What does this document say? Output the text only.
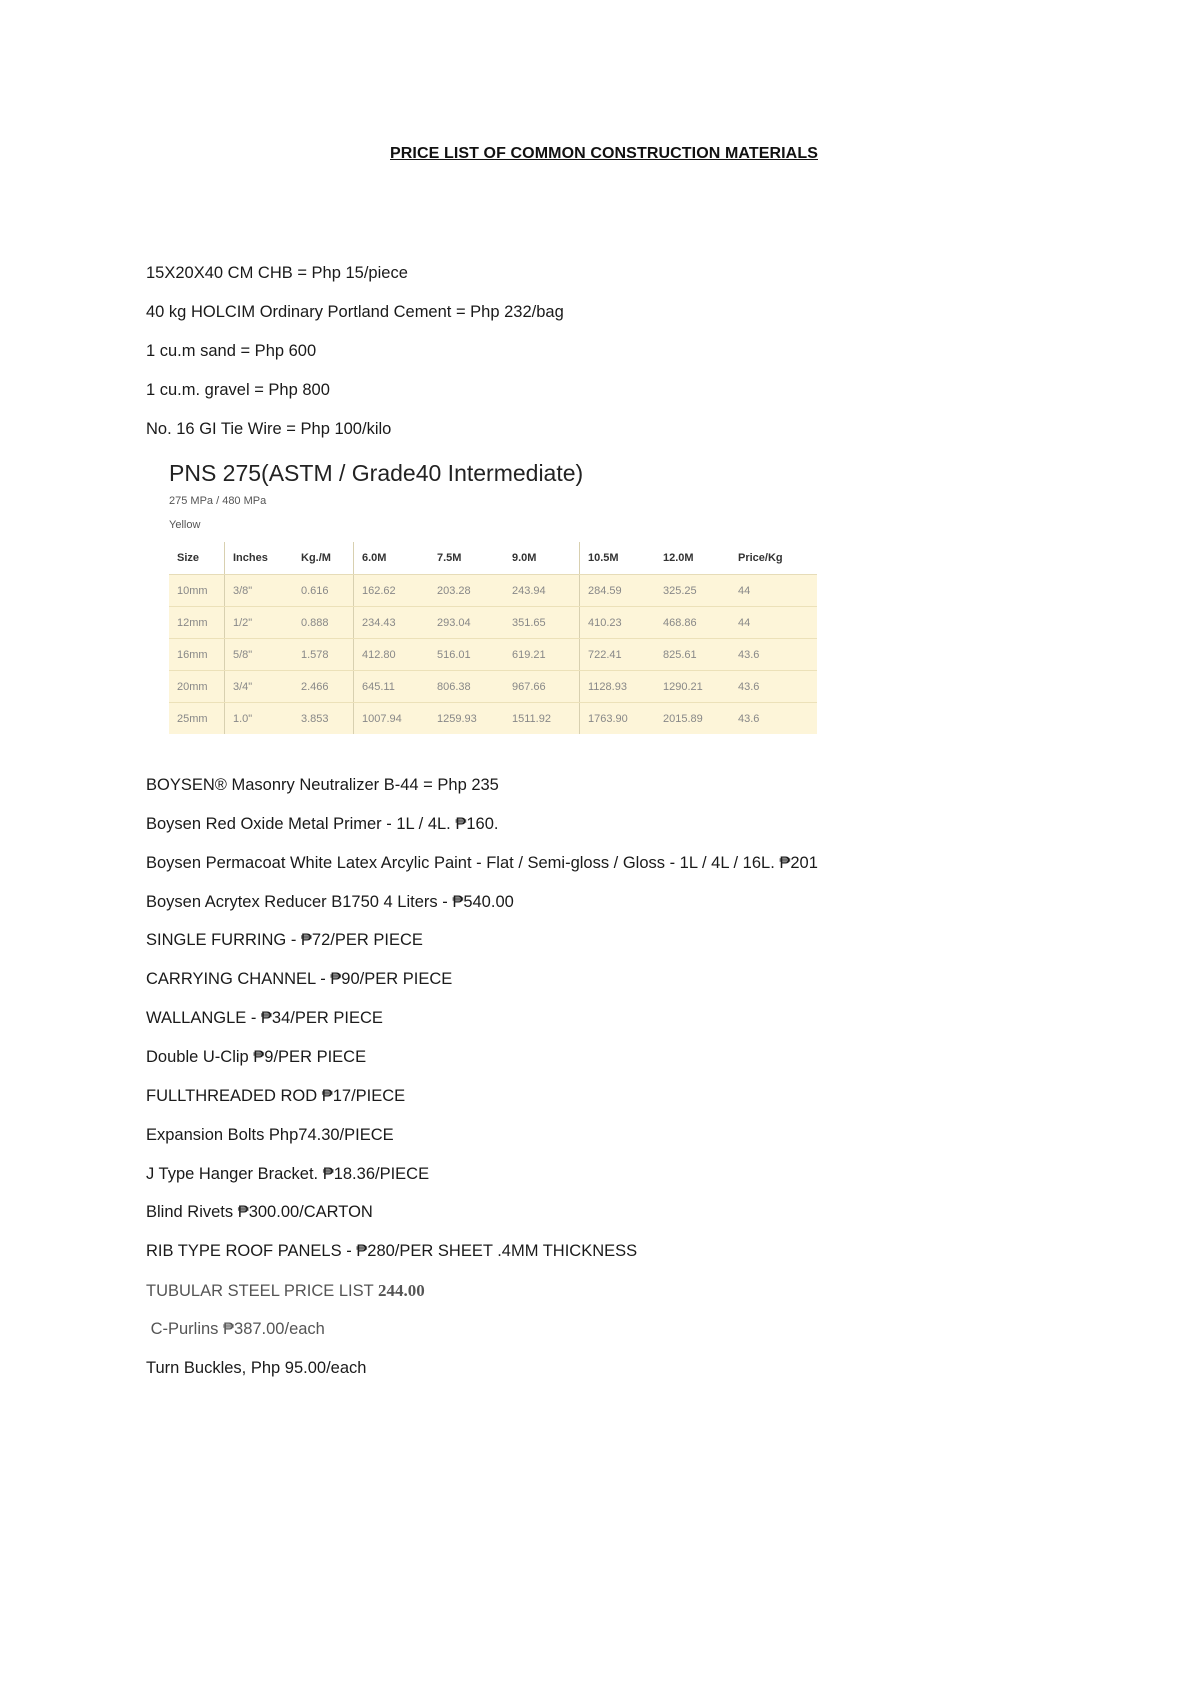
PRICE LIST OF COMMON CONSTRUCTION MATERIALS
15X20X40 CM CHB = Php 15/piece
40 kg HOLCIM Ordinary Portland Cement = Php 232/bag
1 cu.m sand = Php 600
1 cu.m. gravel = Php 800
No. 16 GI Tie Wire = Php 100/kilo
PNS 275(ASTM / Grade40 Intermediate)
275 MPa / 480 MPa
Yellow
Size	Inches	Kg./M	6.0M	7.5M	9.0M	10.5M	12.0M	Price/Kg
10mm	3/8"	0.616	162.62	203.28	243.94	284.59	325.25	44
12mm	1/2"	0.888	234.43	293.04	351.65	410.23	468.86	44
16mm	5/8"	1.578	412.80	516.01	619.21	722.41	825.61	43.6
20mm	3/4"	2.466	645.11	806.38	967.66	1128.93	1290.21	43.6
25mm	1.0"	3.853	1007.94	1259.93	1511.92	1763.90	2015.89	43.6
BOYSEN® Masonry Neutralizer B-44 = Php 235
Boysen Red Oxide Metal Primer - 1L / 4L. ₱160.
Boysen Permacoat White Latex Arcylic Paint - Flat / Semi-gloss / Gloss - 1L / 4L / 16L. ₱201
Boysen Acrytex Reducer B1750 4 Liters - ₱540.00
SINGLE FURRING - ₱72/PER PIECE
CARRYING CHANNEL - ₱90/PER PIECE
WALLANGLE - ₱34/PER PIECE
Double U-Clip ₱9/PER PIECE
FULLTHREADED ROD ₱17/PIECE
Expansion Bolts Php74.30/PIECE
J Type Hanger Bracket. ₱18.36/PIECE
Blind Rivets ₱300.00/CARTON
RIB TYPE ROOF PANELS - ₱280/PER SHEET .4MM THICKNESS
TUBULAR STEEL PRICE LIST 244.00
C-Purlins ₱387.00/each
Turn Buckles, Php 95.00/each
